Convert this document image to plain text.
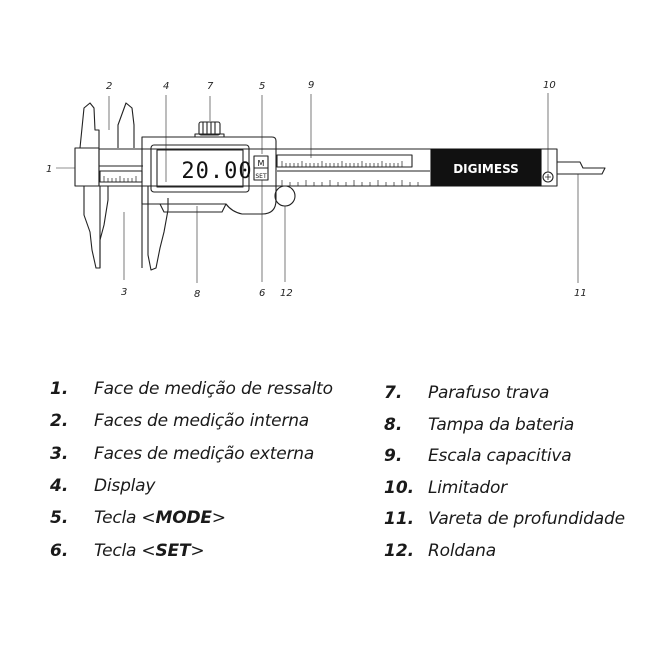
20.00 M
SET
DIGIMESS
1
2
3
4	5
6
7
8
9	10
11
12
1. Face de medição de ressalto
2. Faces de medição interna
3. Faces de medição externa
4. Display
5. Tecla <MODE>
6. Tecla <SET>
7. Parafuso trava
8. Tampa da bateria
9. Escala capacitiva
10. Limitador
11. Vareta de profundidade
12. Roldana
